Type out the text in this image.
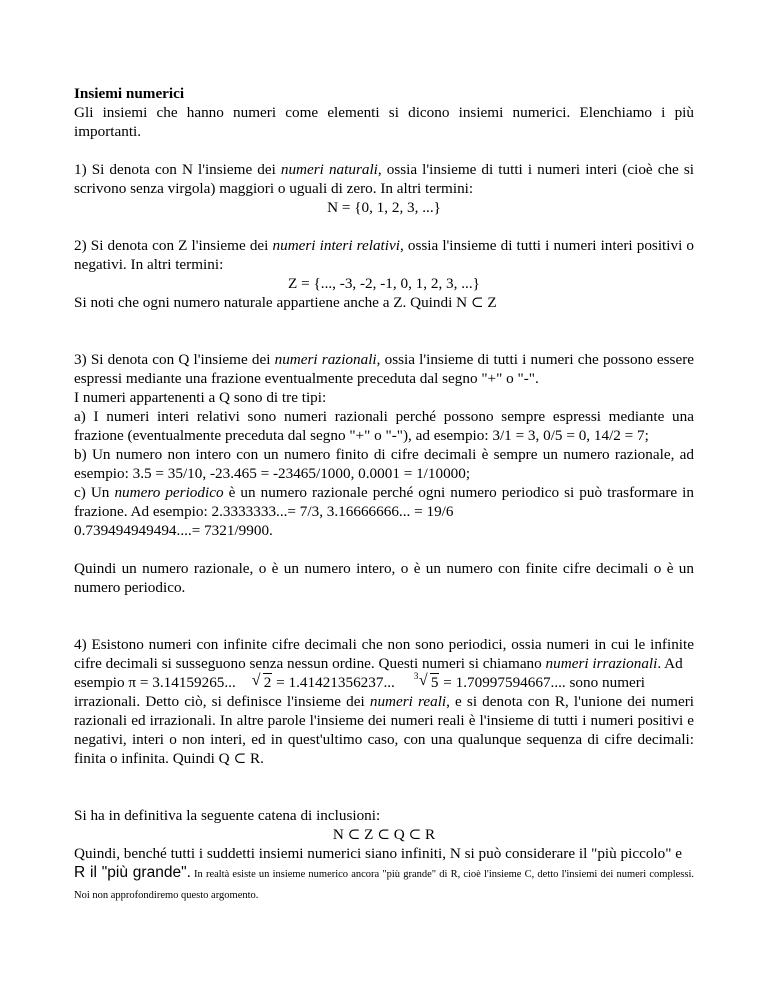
Insiemi numerici

Gli insiemi che hanno numeri come elementi si dicono insiemi numerici. Elenchiamo i più importanti.

1) Si denota con N l'insieme dei numeri naturali, ossia l'insieme di tutti i numeri interi (cioè che si scrivono senza virgola) maggiori o uguali di zero. In altri termini:

N = {0, 1, 2, 3, ...}

2) Si denota con Z l'insieme dei numeri interi relativi, ossia l'insieme di tutti i numeri interi positivi o negativi. In altri termini:

Z = {..., -3, -2, -1, 0, 1, 2, 3, ...}

Si noti che ogni numero naturale appartiene anche a Z. Quindi N ⊂ Z

3) Si denota con Q l'insieme dei numeri razionali, ossia l'insieme di tutti i numeri che possono essere espressi mediante una frazione eventualmente preceduta dal segno "+" o "-".

I numeri appartenenti a Q sono di tre tipi:

a) I numeri interi relativi sono numeri razionali perché possono sempre espressi mediante una frazione (eventualmente preceduta dal segno "+" o "-"), ad esempio: 3/1 = 3, 0/5 = 0, 14/2 = 7;

b) Un numero non intero con un numero finito di cifre decimali è sempre un numero razionale, ad esempio: 3.5 = 35/10, -23.465 = -23465/1000, 0.0001 = 1/10000;

c) Un numero periodico è un numero razionale perché ogni numero periodico si può trasformare in frazione. Ad esempio: 2.3333333...= 7/3, 3.16666666... = 19/6

0.739494949494....= 7321/9900.

Quindi un numero razionale, o è un numero intero, o è un numero con finite cifre decimali o è un numero periodico.

4) Esistono numeri con infinite cifre decimali che non sono periodici, ossia numeri in cui le infinite cifre decimali si susseguono senza nessun ordine. Questi numeri si chiamano numeri irrazionali. Ad
esempio π = 3.14159265... √ 2 = 1.41421356237... 3 √ 5 = 1.70997594667.... sono numeri
irrazionali. Detto ciò, si definisce l'insieme dei numeri reali, e si denota con R, l'unione dei numeri razionali ed irrazionali. In altre parole l'insieme dei numeri reali è l'insieme di tutti i numeri positivi e negativi, interi o non interi, ed in quest'ultimo caso, con una qualunque sequenza di cifre decimali: finita o infinita. Quindi Q ⊂ R.

Si ha in definitiva la seguente catena di inclusioni:

N ⊂ Z ⊂ Q ⊂ R

Quindi, benché tutti i suddetti insiemi numerici siano infiniti, N si può considerare il "più piccolo" e
R il "più grande". In realtà esiste un insieme numerico ancora "più grande" di R, cioè l'insieme C, detto l'insiemi dei numeri complessi. Noi non approfondiremo questo argomento.
